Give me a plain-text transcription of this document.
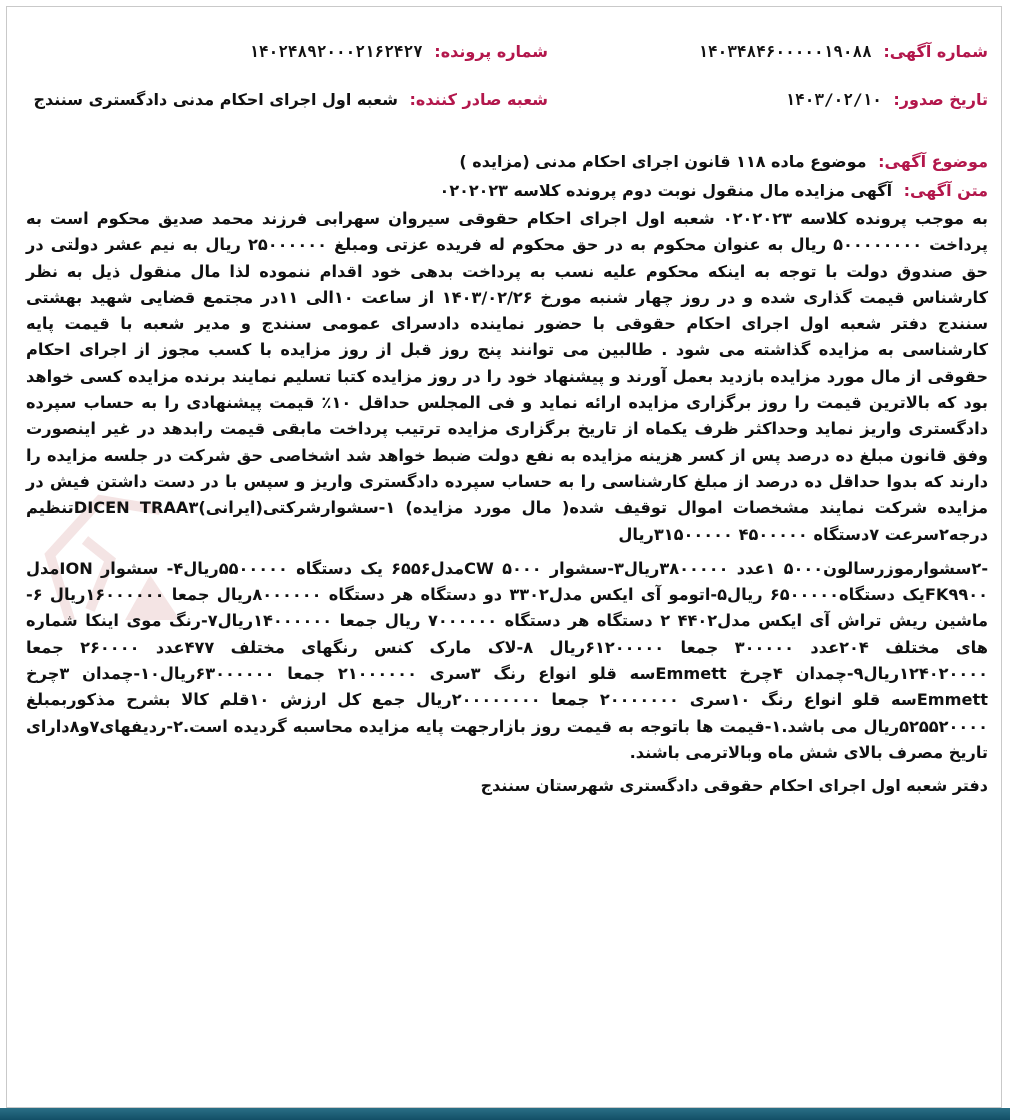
شماره آگهی: ۱۴۰۳۴۸۴۶۰۰۰۰۰۱۹۰۸۸
شماره پرونده: ۱۴۰۲۴۸۹۲۰۰۰۲۱۶۲۴۲۷
تاریخ صدور: ۱۴۰۳/۰۲/۱۰
شعبه صادر کننده: شعبه اول اجرای احکام مدنی دادگستری سنندج
موضوع آگهی: موضوع ماده ۱۱۸ قانون اجرای احکام مدنی (مزایده )
متن آگهی: آگهی مزایده مال منقول نوبت دوم پرونده کلاسه ۰۲۰۲۰۲۳

به موجب پرونده کلاسه ۰۲۰۲۰۲۳ شعبه اول اجرای احکام حقوقی سیروان سهرابی فرزند محمد صدیق محکوم است به پرداخت ۵۰۰۰۰۰۰۰۰ ریال به عنوان محکوم به در حق محکوم له فریده عزتی ومبلغ ۲۵۰۰۰۰۰۰ ریال به نیم عشر دولتی در حق صندوق دولت با توجه به اینکه محکوم علیه نسب به پرداخت بدهی خود اقدام ننموده لذا مال منقول ذیل به نظر کارشناس قیمت گذاری شده و در روز چهار شنبه مورخ ۱۴۰۳/۰۲/۲۶ از ساعت ۱۰الی ۱۱در مجتمع قضایی شهید بهشتی سنندج دفتر شعبه اول اجرای احکام حقوقی با حضور نماینده دادسرای عمومی سنندج و مدیر شعبه با قیمت پایه کارشناسی به مزایده گذاشته می شود . طالبین می توانند پنج روز قبل از روز مزایده با کسب مجوز از اجرای احکام حقوقی از مال مورد مزایده بازدید بعمل آورند و پیشنهاد خود را در روز مزایده کتبا تسلیم نمایند برنده مزایده کسی خواهد بود که بالاترین قیمت را روز برگزاری مزایده ارائه نماید و فی المجلس حداقل ۱۰٪ قیمت پیشنهادی را به حساب سپرده دادگستری واریز نماید وحداکثر ظرف یکماه از تاریخ برگزاری مزایده ترتیب پرداخت مابقی قیمت رابدهد در غیر اینصورت وفق قانون مبلغ ده درصد پس از کسر هزینه مزایده به نفع دولت ضبط خواهد شد اشخاصی حق شرکت در جلسه مزایده را دارند که بدوا حداقل ده درصد از مبلغ کارشناسی را به حساب سپرده دادگستری واریز و سپس با در دست داشتن فیش در مزایده شرکت نمایند مشخصات اموال توقیف شده( مال مورد مزایده) ۱-سشوارشرکتی(ایرانی)DICEN TRAA۳تنظیم درجه۲سرعت ۷دستگاه ۴۵۰۰۰۰۰ ۳۱۵۰۰۰۰۰ریال

-۲سشوارموزرسالون۵۰۰۰ ۱عدد ۳۸۰۰۰۰۰ریال۳-سشوار ۵۰۰۰ CWمدل۶۵۵۶ یک دستگاه ۵۵۰۰۰۰۰ریال۴- سشوار IONمدل FK۹۹۰۰یک دستگاه۶۵۰۰۰۰۰ ریال۵-اتومو آی ایکس مدل۳۳۰۲ دو دستگاه هر دستگاه ۸۰۰۰۰۰۰ریال جمعا ۱۶۰۰۰۰۰۰ریال ۶-ماشین ریش تراش آی ایکس مدل۴۴۰۲ ۲ دستگاه هر دستگاه ۷۰۰۰۰۰۰ ریال جمعا ۱۴۰۰۰۰۰۰ریال۷-رنگ موی اینکا شماره های مختلف ۲۰۴عدد ۳۰۰۰۰۰ جمعا ۶۱۲۰۰۰۰۰ریال ۸-لاک مارک کنس رنگهای مختلف ۴۷۷عدد ۲۶۰۰۰۰ جمعا ۱۲۴۰۲۰۰۰۰ریال۹-چمدان ۴چرخ Emmettسه قلو انواع رنگ ۳سری ۲۱۰۰۰۰۰۰ جمعا ۶۳۰۰۰۰۰۰ریال۱۰-چمدان ۳چرخ Emmettسه قلو انواع رنگ ۱۰سری ۲۰۰۰۰۰۰۰ جمعا ۲۰۰۰۰۰۰۰۰ریال جمع کل ارزش ۱۰قلم کالا بشرح مذکوربمبلغ ۵۲۵۵۲۰۰۰۰ریال می باشد.۱-قیمت ها باتوجه به قیمت روز بازارجهت پایه مزایده محاسبه گردیده است.۲-ردیفهای۷و۸دارای تاریخ مصرف بالای شش ماه وبالاترمی باشند.

دفتر شعبه اول اجرای احکام حقوقی دادگستری شهرستان سنندج
